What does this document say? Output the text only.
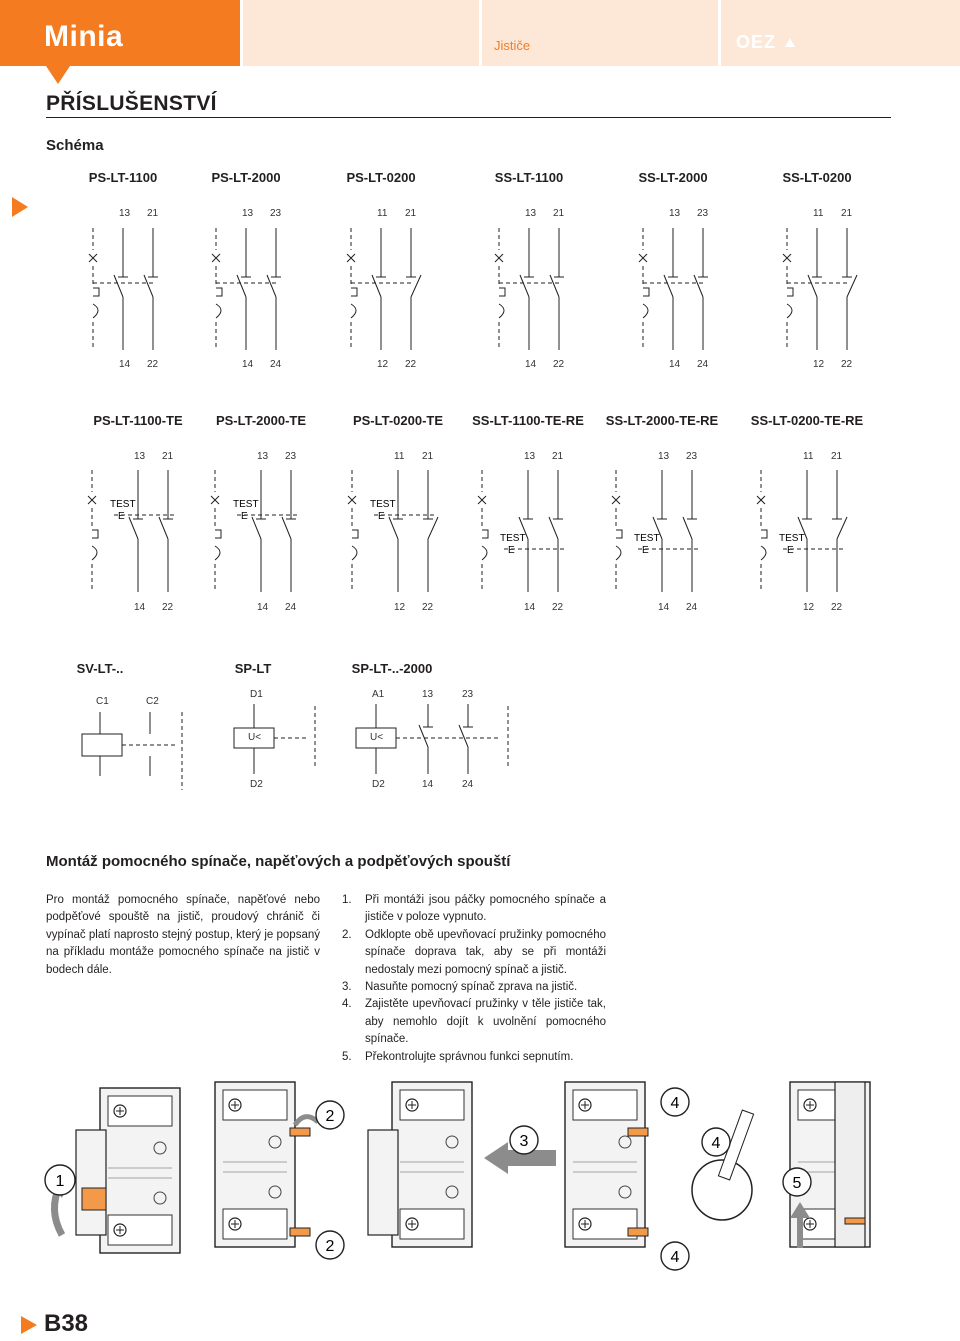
Minia	Jističe	OEZ
PŘÍSLUŠENSTVÍ
Schéma
TEST
E
TEST
E
TEST
E
TEST
E
TEST
E
TEST
E
PS-LT-1100
13 21
14 22
PS-LT-2000
13 23
14 24
PS-LT-0200
11 21
12 22
SS-LT-1100
13 21
14 22
SS-LT-2000
13 23
14 24
SS-LT-0200
11 21
12 22
PS-LT-1100-TE
13 21
14 22
PS-LT-2000-TE
13 23
14 24
PS-LT-0200-TE
11 21
12 22
SS-LT-1100-TE-RE
13 21
14 22
SS-LT-2000-TE-RE
13 23
14 24
SS-LT-0200-TE-RE
11 21
12 22
SV-LT-..
C1	C2
SP-LT
D1
D2
U<
SP-LT-..-2000
A1
D2
13	23
14	24
U<
Montáž pomocného spínače, napěťových a podpěťových spouští
Pro montáž pomocného spínače, napěťové nebo podpěťové spouště na jistič, proudový chránič či vypínač platí naprosto stejný postup, který je popsaný na příkladu montáže pomocného spínače na jistič v bodech dále.
1. Při montáži jsou páčky pomocného spínače a jističe v poloze vypnuto.
2. Odklopte obě upevňovací pružinky pomocného spínače doprava tak, aby se při montáži nedostaly mezi pomocný spínač a jistič.
3. Nasuňte pomocný spínač zprava na jistič.
4. Zajistěte upevňovací pružinky v těle jističe tak, aby nemohlo dojít k uvolnění pomocného spínače.
5. Překontrolujte správnou funkci sepnutím.
1
2
2
3
4
4
4
5
B38
